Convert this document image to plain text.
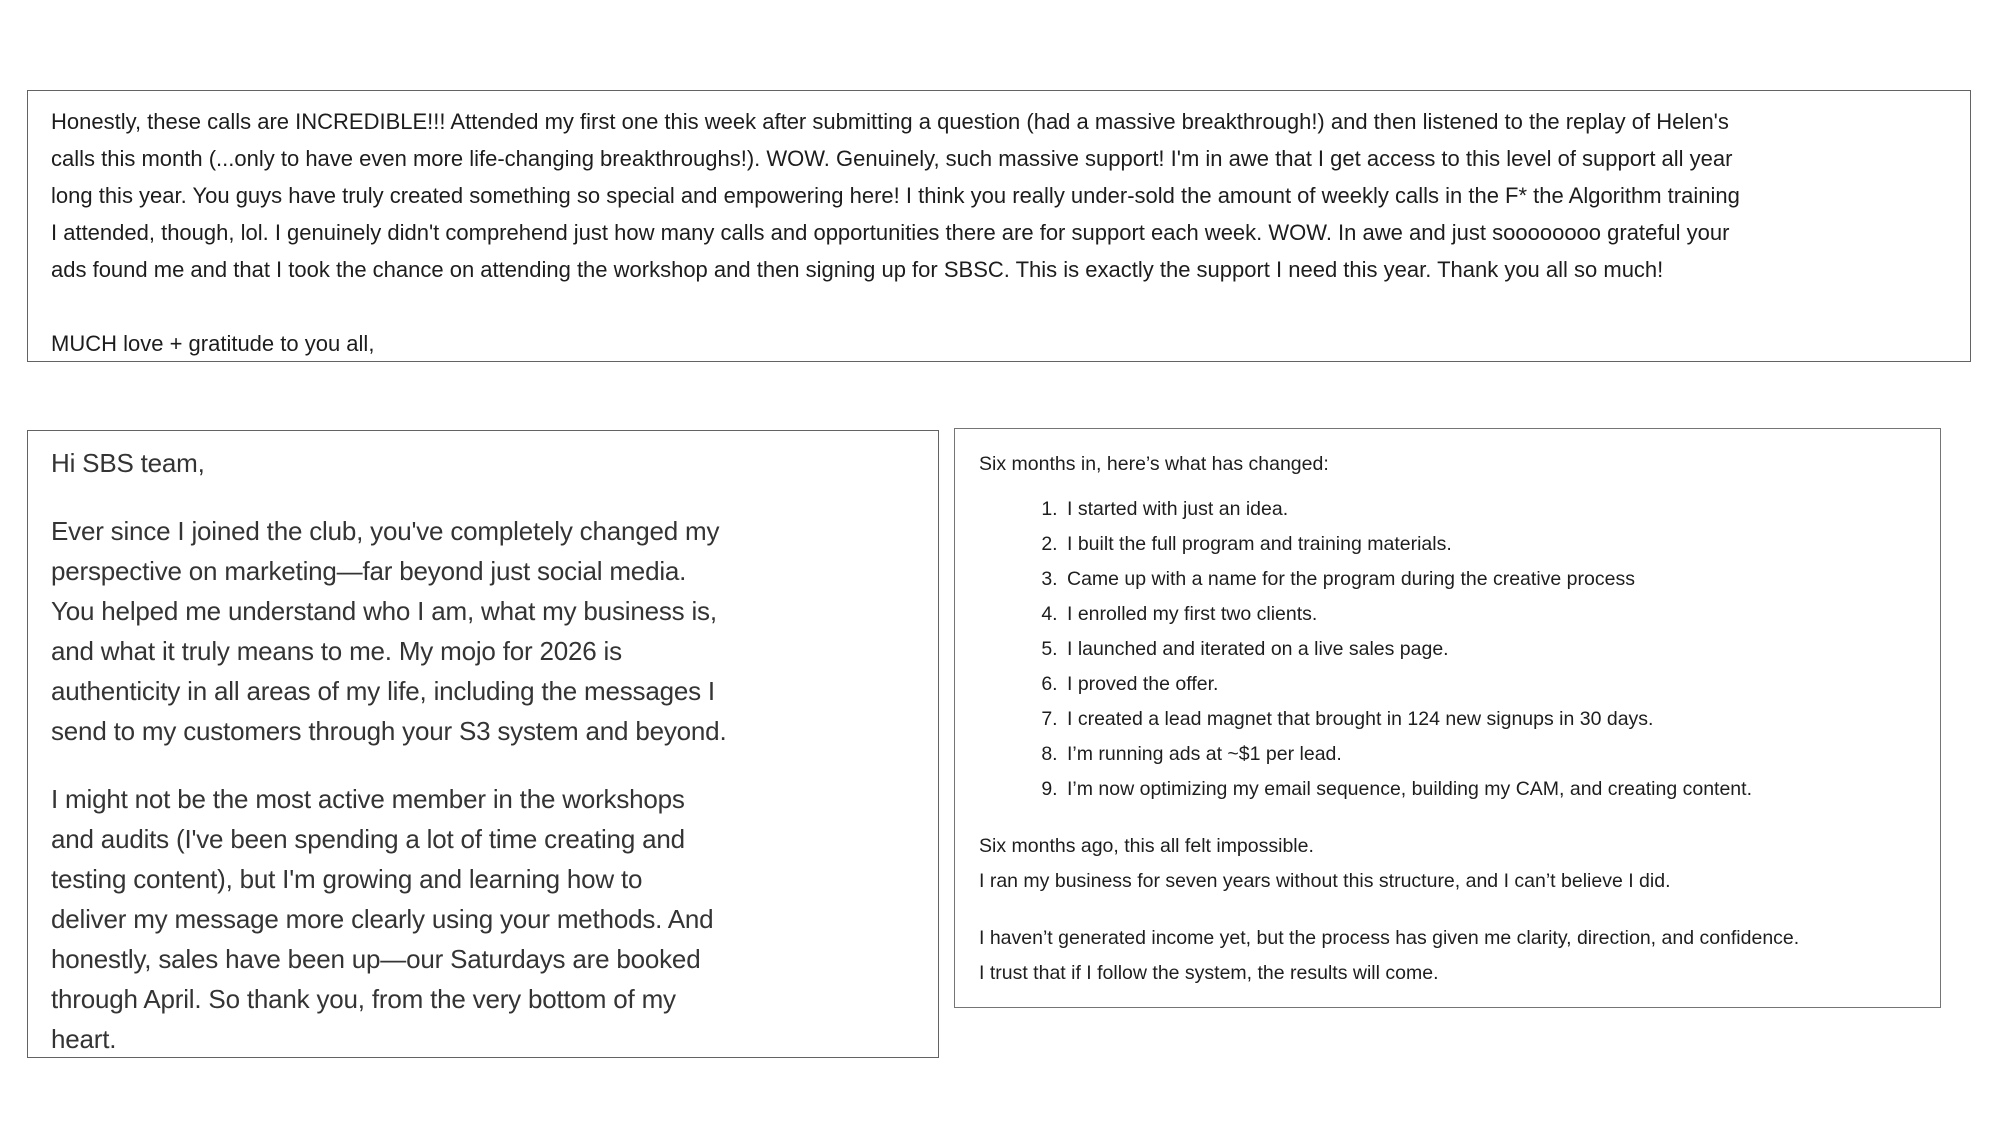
Honestly, these calls are INCREDIBLE!!! Attended my first one this week after submitting a question (had a massive breakthrough!) and then listened to the replay of Helen's
calls this month (...only to have even more life-changing breakthroughs!). WOW. Genuinely, such massive support! I'm in awe that I get access to this level of support all year
long this year. You guys have truly created something so special and empowering here! I think you really under-sold the amount of weekly calls in the F* the Algorithm training
I attended, though, lol. I genuinely didn't comprehend just how many calls and opportunities there are for support each week. WOW. In awe and just soooooooo grateful your
ads found me and that I took the chance on attending the workshop and then signing up for SBSC. This is exactly the support I need this year. Thank you all so much!
MUCH love + gratitude to you all,
Hi SBS team,
Ever since I joined the club, you've completely changed my
perspective on marketing—far beyond just social media.
You helped me understand who I am, what my business is,
and what it truly means to me. My mojo for 2026 is
authenticity in all areas of my life, including the messages I
send to my customers through your S3 system and beyond.
I might not be the most active member in the workshops
and audits (I've been spending a lot of time creating and
testing content), but I'm growing and learning how to
deliver my message more clearly using your methods. And
honestly, sales have been up—our Saturdays are booked
through April. So thank you, from the very bottom of my
heart.
Six months in, here’s what has changed:
1. I started with just an idea.
2. I built the full program and training materials.
3. Came up with a name for the program during the creative process
4. I enrolled my first two clients.
5. I launched and iterated on a live sales page.
6. I proved the offer.
7. I created a lead magnet that brought in 124 new signups in 30 days.
8. I’m running ads at ~$1 per lead.
9. I’m now optimizing my email sequence, building my CAM, and creating content.
Six months ago, this all felt impossible.
I ran my business for seven years without this structure, and I can’t believe I did.
I haven’t generated income yet, but the process has given me clarity, direction, and confidence.
I trust that if I follow the system, the results will come.
